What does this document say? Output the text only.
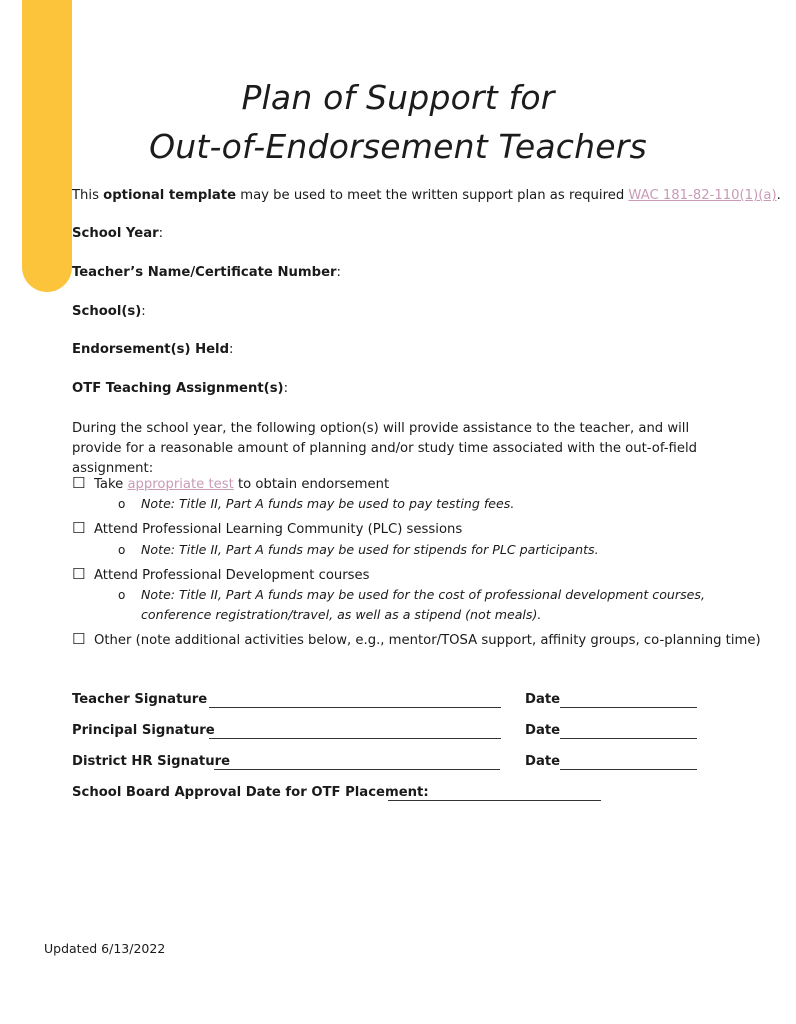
Plan of Support for
Out-of-Endorsement Teachers
This optional template may be used to meet the written support plan as required WAC 181-82-110(1)(a).
School Year:
Teacher’s Name/Certificate Number:
School(s):
Endorsement(s) Held:
OTF Teaching Assignment(s):
During the school year, the following option(s) will provide assistance to the teacher, and will provide for a reasonable amount of planning and/or study time associated with the out-of-field assignment:
☐ Take appropriate test to obtain endorsement
o Note: Title II, Part A funds may be used to pay testing fees.
☐ Attend Professional Learning Community (PLC) sessions
o Note: Title II, Part A funds may be used for stipends for PLC participants.
☐ Attend Professional Development courses
o Note: Title II, Part A funds may be used for the cost of professional development courses, conference registration/travel, as well as a stipend (not meals).
☐ Other (note additional activities below, e.g., mentor/TOSA support, affinity groups, co-planning time)
Teacher Signature	Date
Principal Signature	Date
District HR Signature	Date
School Board Approval Date for OTF Placement:
Updated 6/13/2022
